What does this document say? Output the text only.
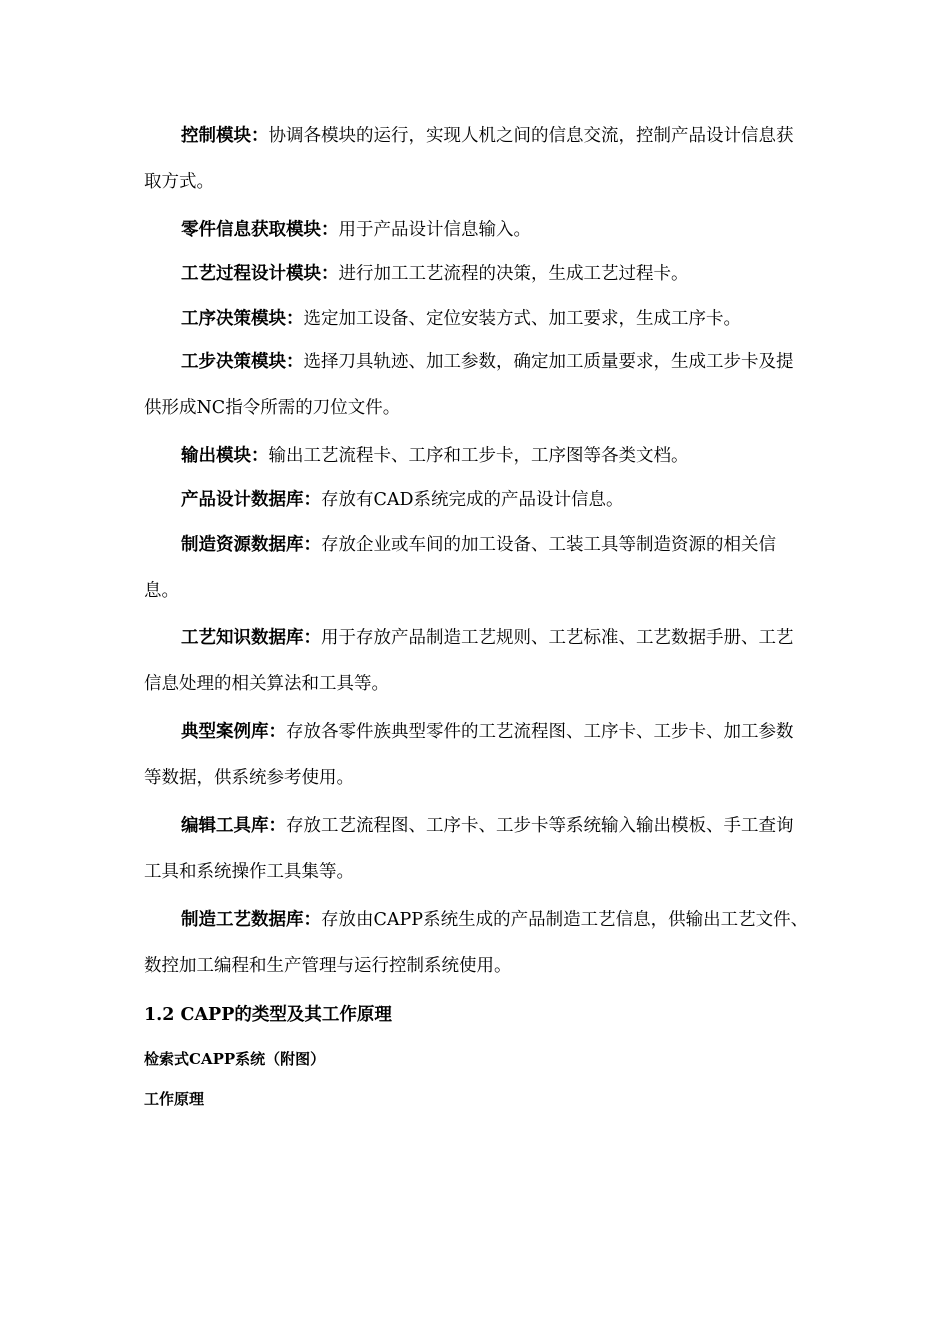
控制模块：协调各模块的运行，实现人机之间的信息交流，控制产品设计信息获取方式。

零件信息获取模块：用于产品设计信息输入。

工艺过程设计模块：进行加工工艺流程的决策，生成工艺过程卡。

工序决策模块：选定加工设备、定位安装方式、加工要求，生成工序卡。

工步决策模块：选择刀具轨迹、加工参数，确定加工质量要求，生成工步卡及提供形成NC指令所需的刀位文件。

输出模块：输出工艺流程卡、工序和工步卡，工序图等各类文档。

产品设计数据库：存放有CAD系统完成的产品设计信息。

制造资源数据库：存放企业或车间的加工设备、工装工具等制造资源的相关信息。

工艺知识数据库：用于存放产品制造工艺规则、工艺标准、工艺数据手册、工艺信息处理的相关算法和工具等。

典型案例库：存放各零件族典型零件的工艺流程图、工序卡、工步卡、加工参数等数据，供系统参考使用。

编辑工具库：存放工艺流程图、工序卡、工步卡等系统输入输出模板、手工查询工具和系统操作工具集等。

制造工艺数据库：存放由CAPP系统生成的产品制造工艺信息，供输出工艺文件、数控加工编程和生产管理与运行控制系统使用。

1.2 CAPP的类型及其工作原理
检索式CAPP系统（附图）
工作原理
